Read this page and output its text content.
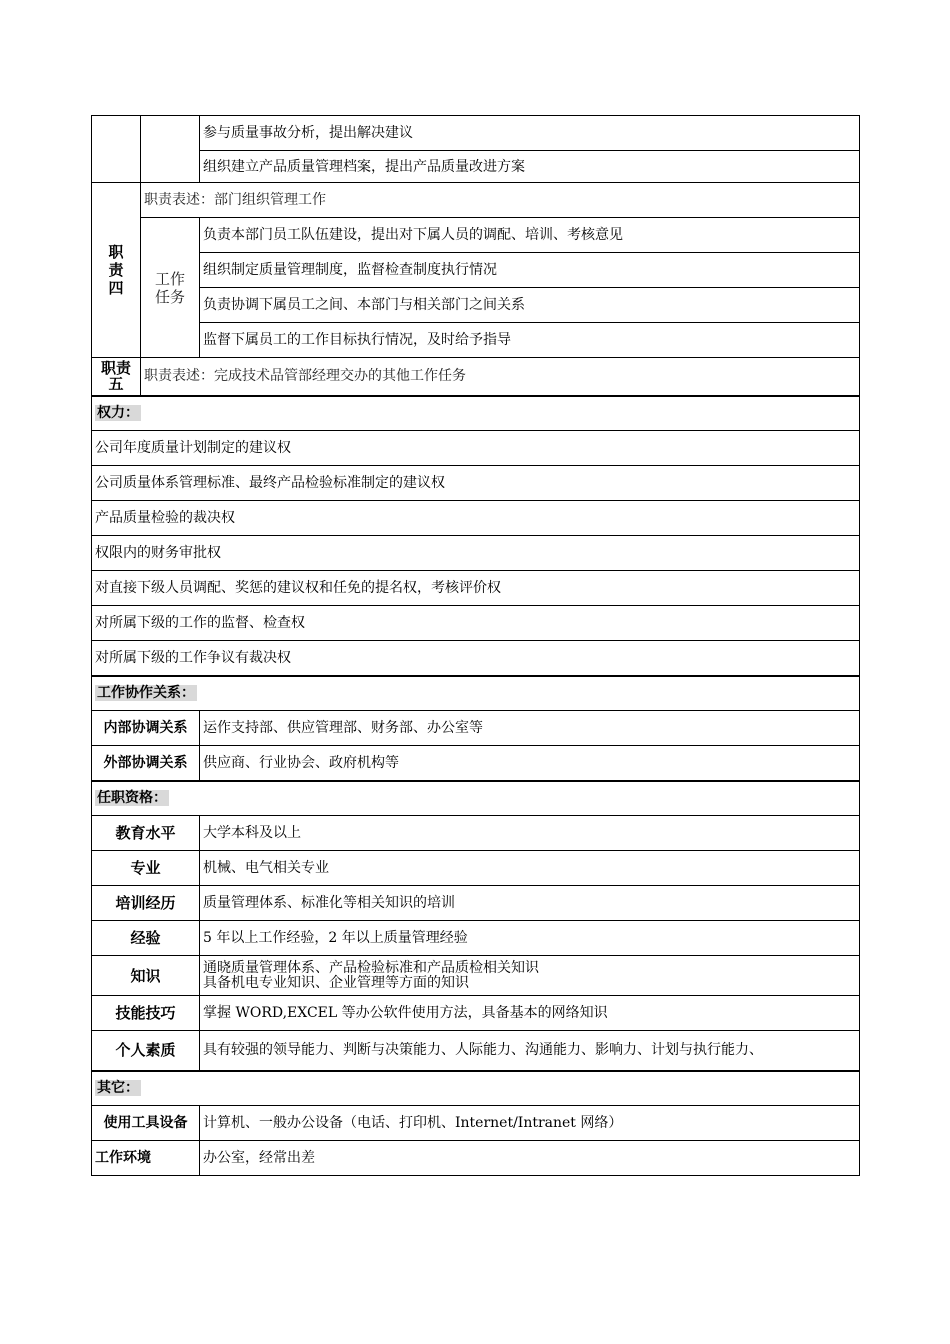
		参与质量事故分析，提出解决建议
		组织建立产品质量管理档案，提出产品质量改进方案

职
责
四	职责表述：部门组织管理工作	

	工作
任务	负责本部门员工队伍建设，提出对下属人员的调配、培训、考核意见
		组织制定质量管理制度，监督检查制度执行情况
		负责协调下属员工之间、本部门与相关部门之间关系
		监督下属员工的工作目标执行情况，及时给予指导

职责
五	职责表述：完成技术品管部经理交办的其他工作任务	
权力：		
公司年度质量计划制定的建议权		
公司质量体系管理标准、最终产品检验标准制定的建议权		
产品质量检验的裁决权		
权限内的财务审批权		
对直接下级人员调配、奖惩的建议权和任免的提名权，考核评价权		
对所属下级的工作的监督、检查权		
对所属下级的工作争议有裁决权		
工作协作关系：		
内部协调关系		运作支持部、供应管理部、财务部、办公室等
外部协调关系		供应商、行业协会、政府机构等
任职资格：		
教育水平		大学本科及以上
专业		机械、电气相关专业
培训经历		质量管理体系、标准化等相关知识的培训
经验		5 年以上工作经验，2 年以上质量管理经验
知识		通晓质量管理体系、产品检验标准和产品质检相关知识
具备机电专业知识、企业管理等方面的知识

技能技巧		掌握 WORD,EXCEL 等办公软件使用方法，具备基本的网络知识
个人素质		具有较强的领导能力、判断与决策能力、人际能力、沟通能力、影响力、计划与执行能力、
其它：		
使用工具设备		计算机、一般办公设备（电话、打印机、Internet/Intranet 网络）
工作环境		办公室，经常出差
